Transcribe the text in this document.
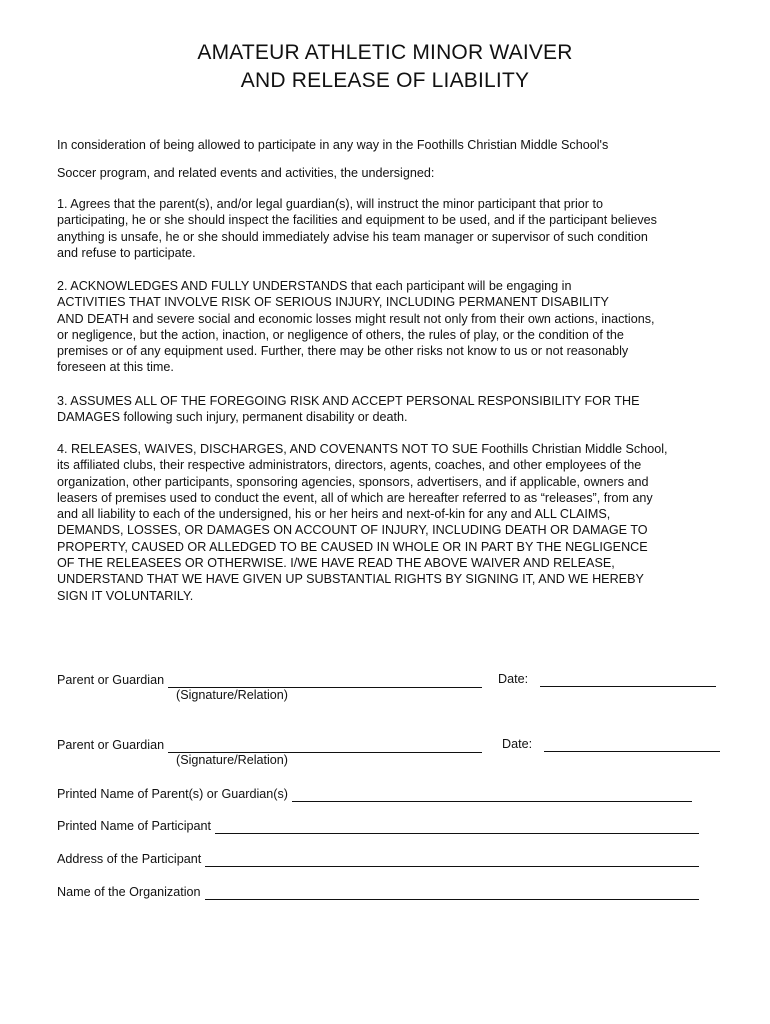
AMATEUR ATHLETIC MINOR WAIVER
AND RELEASE OF LIABILITY

In consideration of being allowed to participate in any way in the Foothills Christian Middle School's

Soccer program, and related events and activities, the undersigned:

1. Agrees that the parent(s), and/or legal guardian(s), will instruct the minor participant that prior to
participating, he or she should inspect the facilities and equipment to be used, and if the participant believes
anything is unsafe, he or she should immediately advise his team manager or supervisor of such condition
and refuse to participate.
2. ACKNOWLEDGES AND FULLY UNDERSTANDS that each participant will be engaging in
ACTIVITIES THAT INVOLVE RISK OF SERIOUS INJURY, INCLUDING PERMANENT DISABILITY
AND DEATH and severe social and economic losses might result not only from their own actions, inactions,
or negligence, but the action, inaction, or negligence of others, the rules of play, or the condition of the
premises or of any equipment used. Further, there may be other risks not know to us or not reasonably
foreseen at this time.
3. ASSUMES ALL OF THE FOREGOING RISK AND ACCEPT PERSONAL RESPONSIBILITY FOR THE
DAMAGES following such injury, permanent disability or death.
4. RELEASES, WAIVES, DISCHARGES, AND COVENANTS NOT TO SUE Foothills Christian Middle School,
its affiliated clubs, their respective administrators, directors, agents, coaches, and other employees of the
organization, other participants, sponsoring agencies, sponsors, advertisers, and if applicable, owners and
leasers of premises used to conduct the event, all of which are hereafter referred to as “releases”, from any
and all liability to each of the undersigned, his or her heirs and next-of-kin for any and ALL CLAIMS,
DEMANDS, LOSSES, OR DAMAGES ON ACCOUNT OF INJURY, INCLUDING DEATH OR DAMAGE TO
PROPERTY, CAUSED OR ALLEDGED TO BE CAUSED IN WHOLE OR IN PART BY THE NEGLIGENCE
OF THE RELEASEES OR OTHERWISE. I/WE HAVE READ THE ABOVE WAIVER AND RELEASE,
UNDERSTAND THAT WE HAVE GIVEN UP SUBSTANTIAL RIGHTS BY SIGNING IT, AND WE HEREBY
SIGN IT VOLUNTARILY.
Parent or Guardian	Date:
(Signature/Relation)
Parent or Guardian	Date:
(Signature/Relation)
Printed Name of Parent(s) or Guardian(s)
Printed Name of Participant
Address of the Participant
Name of the Organization
